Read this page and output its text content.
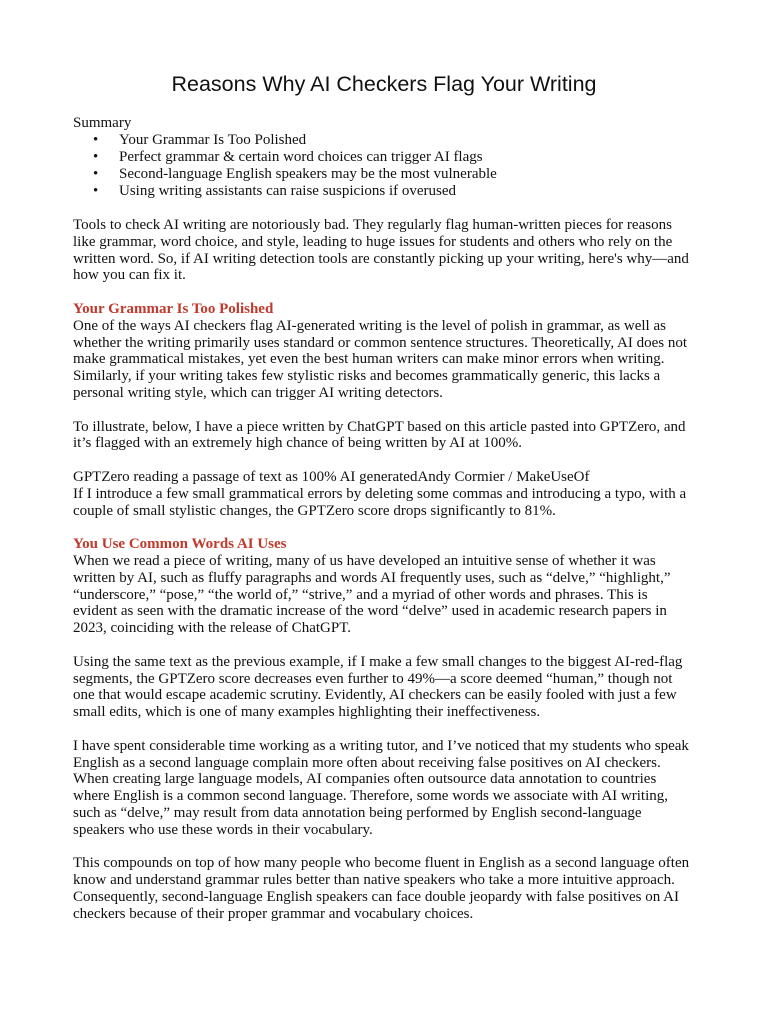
Reasons Why AI Checkers Flag Your Writing
Summary
• Your Grammar Is Too Polished
• Perfect grammar & certain word choices can trigger AI flags
• Second-language English speakers may be the most vulnerable
• Using writing assistants can raise suspicions if overused

Tools to check AI writing are notoriously bad. They regularly flag human-written pieces for reasons like grammar, word choice, and style, leading to huge issues for students and others who rely on the written word. So, if AI writing detection tools are constantly picking up your writing, here's why—and how you can fix it.

Your Grammar Is Too Polished

One of the ways AI checkers flag AI-generated writing is the level of polish in grammar, as well as whether the writing primarily uses standard or common sentence structures. Theoretically, AI does not make grammatical mistakes, yet even the best human writers can make minor errors when writing. Similarly, if your writing takes few stylistic risks and becomes grammatically generic, this lacks a personal writing style, which can trigger AI writing detectors.

To illustrate, below, I have a piece written by ChatGPT based on this article pasted into GPTZero, and it’s flagged with an extremely high chance of being written by AI at 100%.

GPTZero reading a passage of text as 100% AI generatedAndy Cormier / MakeUseOf

If I introduce a few small grammatical errors by deleting some commas and introducing a typo, with a couple of small stylistic changes, the GPTZero score drops significantly to 81%.

You Use Common Words AI Uses

When we read a piece of writing, many of us have developed an intuitive sense of whether it was written by AI, such as fluffy paragraphs and words AI frequently uses, such as “delve,” “highlight,” “underscore,” “pose,” “the world of,” “strive,” and a myriad of other words and phrases. This is evident as seen with the dramatic increase of the word “delve” used in academic research papers in 2023, coinciding with the release of ChatGPT.

Using the same text as the previous example, if I make a few small changes to the biggest AI-red-flag segments, the GPTZero score decreases even further to 49%—a score deemed “human,” though not one that would escape academic scrutiny. Evidently, AI checkers can be easily fooled with just a few small edits, which is one of many examples highlighting their ineffectiveness.

I have spent considerable time working as a writing tutor, and I’ve noticed that my students who speak English as a second language complain more often about receiving false positives on AI checkers. When creating large language models, AI companies often outsource data annotation to countries where English is a common second language. Therefore, some words we associate with AI writing, such as “delve,” may result from data annotation being performed by English second-language speakers who use these words in their vocabulary.

This compounds on top of how many people who become fluent in English as a second language often know and understand grammar rules better than native speakers who take a more intuitive approach. Consequently, second-language English speakers can face double jeopardy with false positives on AI checkers because of their proper grammar and vocabulary choices.
